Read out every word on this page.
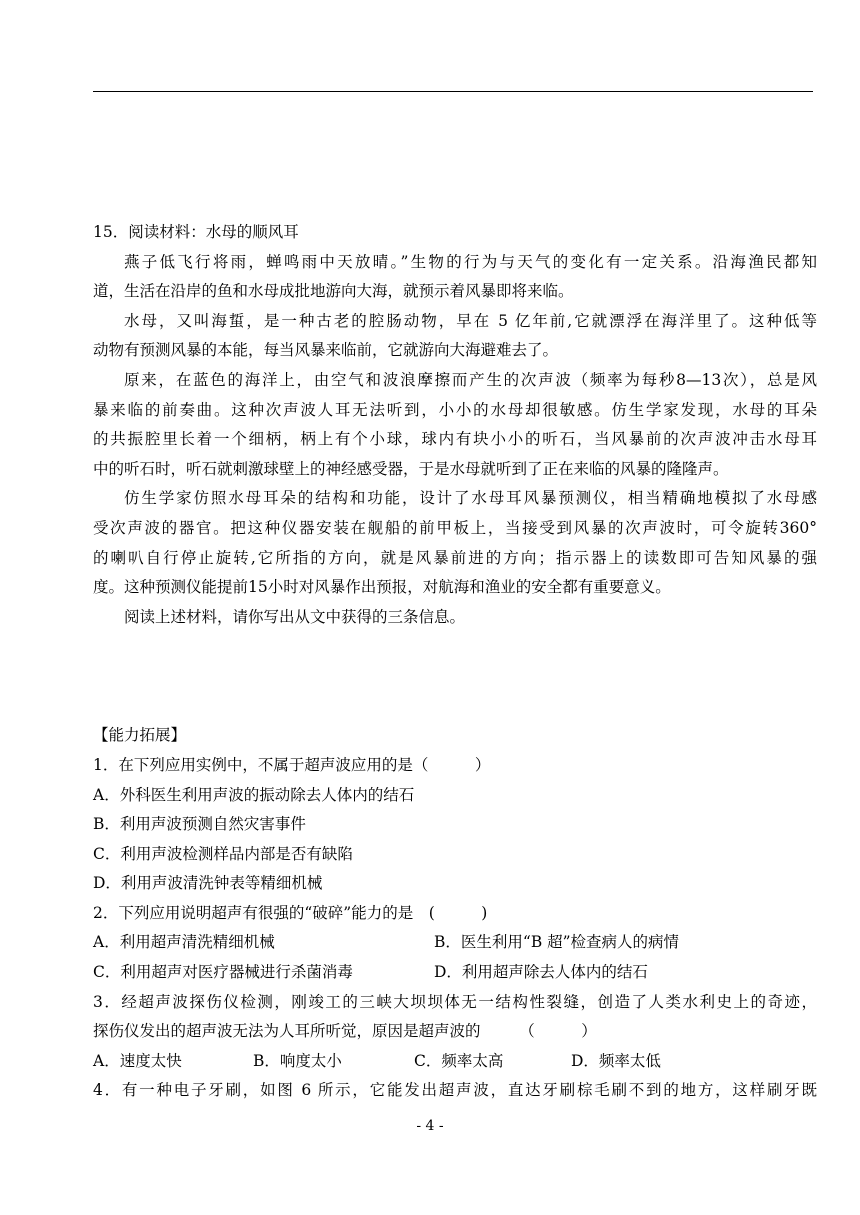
15．阅读材料：水母的顺风耳
燕子低飞行将雨，蝉鸣雨中天放晴。”生物的行为与天气的变化有一定关系。沿海渔民都知
道，生活在沿岸的鱼和水母成批地游向大海，就预示着风暴即将来临。
水母，又叫海蜇，是一种古老的腔肠动物，早在 5 亿年前,它就漂浮在海洋里了。这种低等
动物有预测风暴的本能，每当风暴来临前，它就游向大海避难去了。
原来，在蓝色的海洋上，由空气和波浪摩擦而产生的次声波（频率为每秒8—13次），总是风
暴来临的前奏曲。这种次声波人耳无法听到，小小的水母却很敏感。仿生学家发现，水母的耳朵
的共振腔里长着一个细柄，柄上有个小球，球内有块小小的听石，当风暴前的次声波冲击水母耳
中的听石时，听石就刺激球壁上的神经感受器，于是水母就听到了正在来临的风暴的隆隆声。
仿生学家仿照水母耳朵的结构和功能，设计了水母耳风暴预测仪，相当精确地模拟了水母感
受次声波的器官。把这种仪器安装在舰船的前甲板上，当接受到风暴的次声波时，可令旋转360°
的喇叭自行停止旋转,它所指的方向，就是风暴前进的方向；指示器上的读数即可告知风暴的强
度。这种预测仪能提前15小时对风暴作出预报，对航海和渔业的安全都有重要意义。
阅读上述材料，请你写出从文中获得的三条信息。
【能力拓展】
1．在下列应用实例中，不属于超声波应用的是（　　　）
A．外科医生利用声波的振动除去人体内的结石
B．利用声波预测自然灾害事件
C．利用声波检测样品内部是否有缺陷
D．利用声波清洗钟表等精细机械
2．下列应用说明超声有很强的“破碎”能力的是　(　　　)
A．利用超声清洗精细机械	B．医生利用“B 超”检查病人的病情
C．利用超声对医疗器械进行杀菌消毒	D．利用超声除去人体内的结石
3．经超声波探伤仪检测，刚竣工的三峡大坝坝体无一结构性裂缝，创造了人类水利史上的奇迹，
探伤仪发出的超声波无法为人耳所听觉，原因是超声波的　　　（　　　）
A．速度太快	B．响度太小	C．频率太高	D．频率太低
4．有一种电子牙刷，如图 6 所示，它能发出超声波，直达牙刷棕毛刷不到的地方，这样刷牙既
- 4 -
